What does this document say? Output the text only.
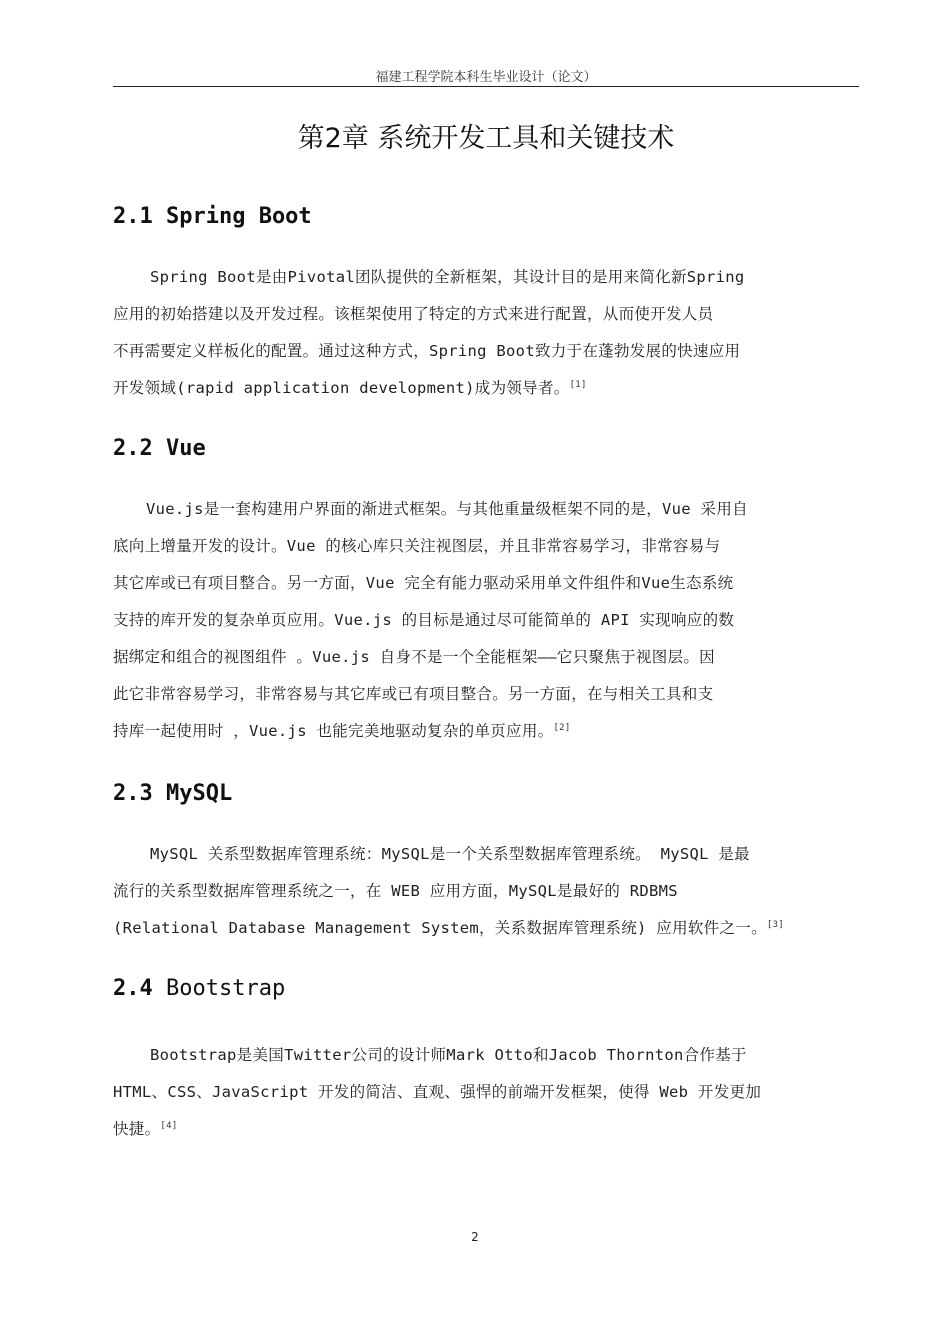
福建工程学院本科生毕业设计（论文）
第2章 系统开发工具和关键技术
2.1 Spring Boot
Spring Boot是由Pivotal团队提供的全新框架，其设计目的是用来简化新Spring
应用的初始搭建以及开发过程。该框架使用了特定的方式来进行配置，从而使开发人员
不再需要定义样板化的配置。通过这种方式，Spring Boot致力于在蓬勃发展的快速应用
开发领域(rapid application development)成为领导者。[1]
2.2 Vue
Vue.js是一套构建用户界面的渐进式框架。与其他重量级框架不同的是，Vue 采用自
底向上增量开发的设计。Vue 的核心库只关注视图层，并且非常容易学习，非常容易与
其它库或已有项目整合。另一方面，Vue 完全有能力驱动采用单文件组件和Vue生态系统
支持的库开发的复杂单页应用。Vue.js 的目标是通过尽可能简单的 API 实现响应的数
据绑定和组合的视图组件 。Vue.js 自身不是一个全能框架——它只聚焦于视图层。因
此它非常容易学习，非常容易与其它库或已有项目整合。另一方面，在与相关工具和支
持库一起使用时 ，Vue.js 也能完美地驱动复杂的单页应用。[2]
2.3 MySQL
MySQL 关系型数据库管理系统：MySQL是一个关系型数据库管理系统。 MySQL 是最
流行的关系型数据库管理系统之一，在 WEB 应用方面，MySQL是最好的 RDBMS
(Relational Database Management System，关系数据库管理系统) 应用软件之一。[3]
2.4 Bootstrap
Bootstrap是美国Twitter公司的设计师Mark Otto和Jacob Thornton合作基于
HTML、CSS、JavaScript 开发的简洁、直观、强悍的前端开发框架，使得 Web 开发更加
快捷。[4]
2
